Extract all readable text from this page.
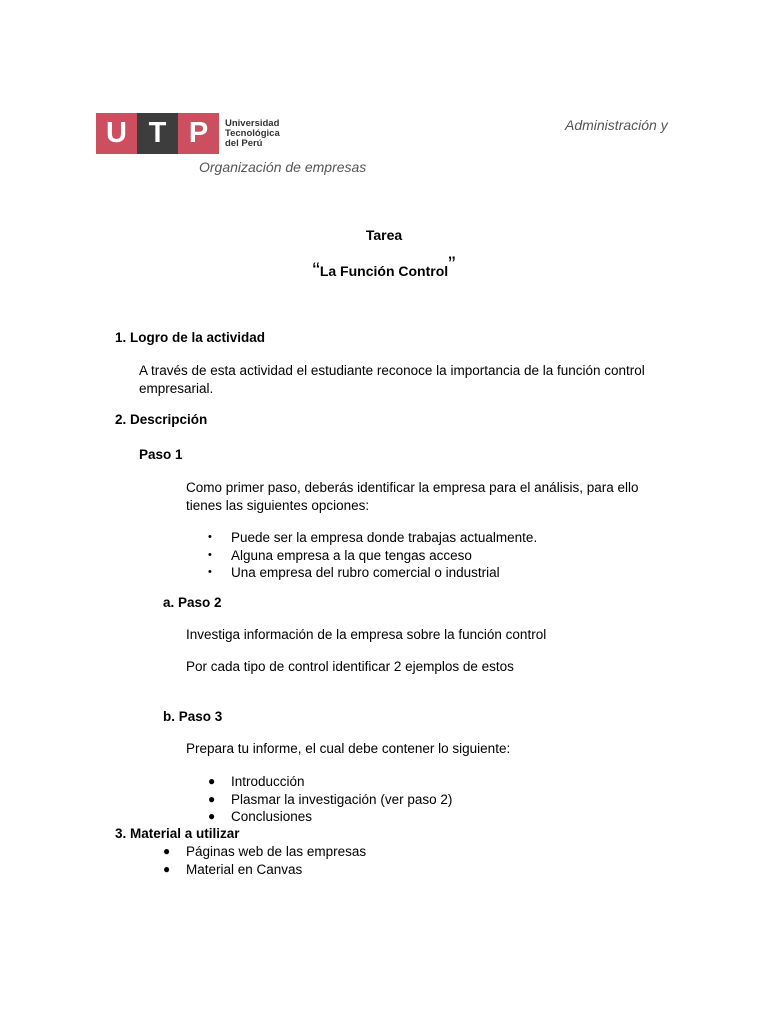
U T P	Universidad
Tecnológica
del Perú
Administración y
Organización de empresas
Tarea
“La Función Control”
1. Logro de la actividad
A través de esta actividad el estudiante reconoce la importancia de la función control
empresarial.
2. Descripción
Paso 1
Como primer paso, deberás identificar la empresa para el análisis, para ello
tienes las siguientes opciones:
• Puede ser la empresa donde trabajas actualmente.
• Alguna empresa a la que tengas acceso
• Una empresa del rubro comercial o industrial
a. Paso 2
Investiga información de la empresa sobre la función control
Por cada tipo de control identificar 2 ejemplos de estos
b. Paso 3
Prepara tu informe, el cual debe contener lo siguiente:
● Introducción
● Plasmar la investigación (ver paso 2)
● Conclusiones
3. Material a utilizar
● Páginas web de las empresas
● Material en Canvas
